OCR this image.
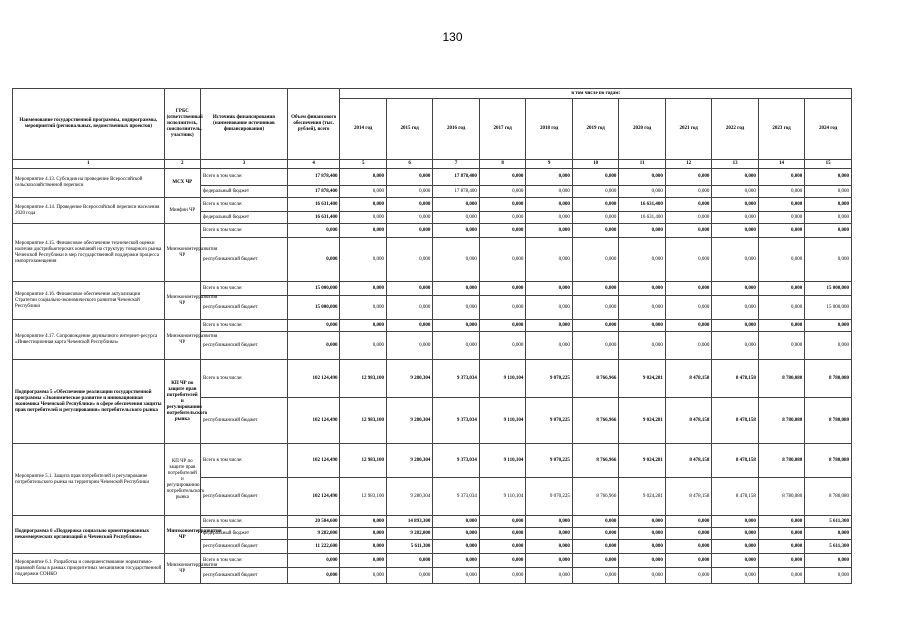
130
Наименование государственной программы, подпрограммы, мероприятий (региональных, ведомственных проектов)	ГРБС (ответственный исполнитель, соисполнитель, участник)	Источник финансирования (наименование источников финансирования)	Объем финансового обеспечения (тыс. рублей), всего	в том числе по годам:										
				2014 год	2015 год	2016 год	2017 год	2018 год	2019 год	2020 год	2021 год	2022 год	2023 год	2024 год
1	2	3	4	5	6	7	8	9	10	11	12	13	14	15
Мероприятие 4.13. Субсидия на проведение Всероссийской сельскохозяйственной переписи	МСХ ЧР	Всего в том числе:	17 878,400	0,000	0,000	17 878,400	0,000	0,000	0,000	0,000	0,000	0,000	0,000	0,000
		федеральный бюджет	17 878,400	0,000	0,000	17 878,400	0,000	0,000	0,000	0,000	0,000	0,000	0,000	0,000
Мероприятие 4.14. Проведение Всероссийской переписи населения 2020 года	Минфин ЧР	Всего в том числе:	16 631,400	0,000	0,000	0,000	0,000	0,000	0,000	16 631,400	0,000	0,000	0,000	0,000
		федеральный бюджет	16 631,400	0,000	0,000	0,000	0,000	0,000	0,000	16 631,400	0,000	0,000	0,000	0,000
Мероприятие 4.15. Финансовое обеспечение технической оценки наличия дистрибьютерских компаний на структуру товарного рынка Чеченской Республики и мер государственной поддержки процесса импортозамещения	Минэкономтерразвития ЧР	Всего в том числе:	0,000	0,000	0,000	0,000	0,000	0,000	0,000	0,000	0,000	0,000	0,000	0,000
		республиканский бюджет	0,000	0,000	0,000	0,000	0,000	0,000	0,000	0,000	0,000	0,000	0,000	0,000
Мероприятие 4.16. Финансовое обеспечение актуализации Стратегии социально-экономического развития Чеченской Республики	Минэкономтерразвития ЧР	Всего в том числе:	15 000,000	0,000	0,000	0,000	0,000	0,000	0,000	0,000	0,000	0,000	0,000	15 000,000
		республиканский бюджет	15 000,000	0,000	0,000	0,000	0,000	0,000	0,000	0,000	0,000	0,000	0,000	15 000,000
Мероприятие 4.17. Сопровождение двуязычного интернет-ресурса «Инвестиционная карта Чеченской Республики»	Минэкономтерразвития ЧР	Всего в том числе:	0,000	0,000	0,000	0,000	0,000	0,000	0,000	0,000	0,000	0,000	0,000	0,000
		республиканский бюджет	0,000	0,000	0,000	0,000	0,000	0,000	0,000	0,000	0,000	0,000	0,000	0,000
Подпрограмма 5 «Обеспечение реализации государственной программы «Экономическое развитие и инновационная экономика Чеченской Республики» в сфере обеспечения защиты прав потребителей и регулирования» потребительского рынка	КП ЧР по защите прав потребителей и регулированию потребительского рынка	Всего в том числе:	102 124,490	12 983,100	9 280,304	9 373,034	9 110,104	9 070,225	8 766,966	9 024,281	8 478,158	8 478,158	8 780,080	8 780,080
		республиканский бюджет	102 124,490	12 983,100	9 280,304	9 373,034	9 110,104	9 070,225	8 766,966	9 024,281	8 478,158	8 478,158	8 780,080	8 780,080
Мероприятие 5.1. Защита прав потребителей и регулирование потребительского рынка на территории Чеченской Республики	КП ЧР по защите прав потребителей и регулированию потребительского рынка	Всего в том числе:	102 124,490	12 983,100	9 280,304	9 373,034	9 110,104	9 070,225	8 766,966	9 024,281	8 478,158	8 478,158	8 780,080	8 780,080
		республиканский бюджет	102 124,490	12 983,100	9 280,304	9 373,034	9 110,104	9 070,225	8 766,966	9 024,281	8 478,158	8 478,158	8 780,080	8 780,080
Подпрограмма 6 «Поддержка социально ориентированных некоммерческих организаций в Чеченской Республике»	Минэкономтерразвития ЧР	Всего в том числе:	20 504,600	0,000	14 893,300	0,000	0,000	0,000	0,000	0,000	0,000	0,000	0,000	5 611,300
		федеральный бюджет	9 282,000	0,000	9 282,000	0,000	0,000	0,000	0,000	0,000	0,000	0,000	0,000	0,000
		республиканский бюджет	11 222,600	0,000	5 611,300	0,000	0,000	0,000	0,000	0,000	0,000	0,000	0,000	5 611,300
Мероприятие 6.1. Разработка и совершенствование нормативно-правовой базы в рамках приоритетных механизмов государственной поддержки СОНКО	Минэкономтерразвития ЧР	Всего в том числе:	0,000	0,000	0,000	0,000	0,000	0,000	0,000	0,000	0,000	0,000	0,000	0,000
		республиканский бюджет	0,000	0,000	0,000	0,000	0,000	0,000	0,000	0,000	0,000	0,000	0,000	0,000
